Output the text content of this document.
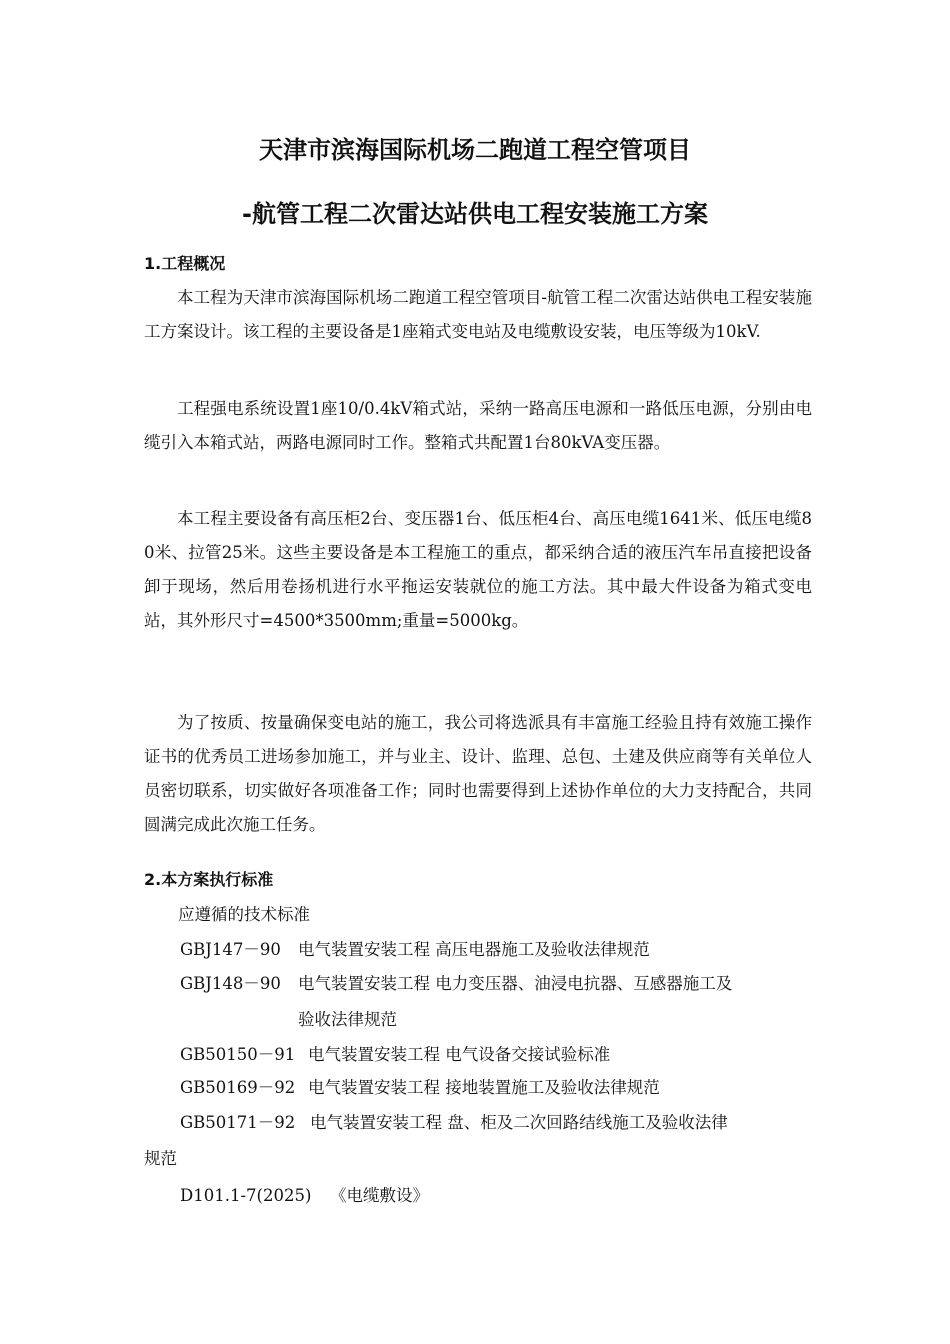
天津市滨海国际机场二跑道工程空管项目
-航管工程二次雷达站供电工程安装施工方案
1.工程概况

本工程为天津市滨海国际机场二跑道工程空管项目-航管工程二次雷达站供电工程安装施工方案设计。该工程的主要设备是1座箱式变电站及电缆敷设安装，电压等级为10kV.

工程强电系统设置1座10/0.4kV箱式站，采纳一路高压电源和一路低压电源，分别由电缆引入本箱式站，两路电源同时工作。整箱式共配置1台80kVA变压器。

本工程主要设备有高压柜2台、变压器1台、低压柜4台、高压电缆1641米、低压电缆80米、拉管25米。这些主要设备是本工程施工的重点，都采纳合适的液压汽车吊直接把设备卸于现场，然后用卷扬机进行水平拖运安装就位的施工方法。其中最大件设备为箱式变电站，其外形尺寸=4500*3500mm;重量=5000kg。

为了按质、按量确保变电站的施工，我公司将选派具有丰富施工经验且持有效施工操作证书的优秀员工进场参加施工，并与业主、设计、监理、总包、土建及供应商等有关单位人员密切联系，切实做好各项准备工作；同时也需要得到上述协作单位的大力支持配合，共同圆满完成此次施工任务。

2.本方案执行标准
应遵循的技术标准
GBJ147－90 电气装置安装工程 高压电器施工及验收法律规范
GBJ148－90 电气装置安装工程 电力变压器、油浸电抗器、互感器施工及
验收法律规范
GB50150－91 电气装置安装工程 电气设备交接试验标准
GB50169－92 电气装置安装工程 接地装置施工及验收法律规范
GB50171－92 电气装置安装工程 盘、柜及二次回路结线施工及验收法律
规范
D101.1-7(2025) 《电缆敷设》
